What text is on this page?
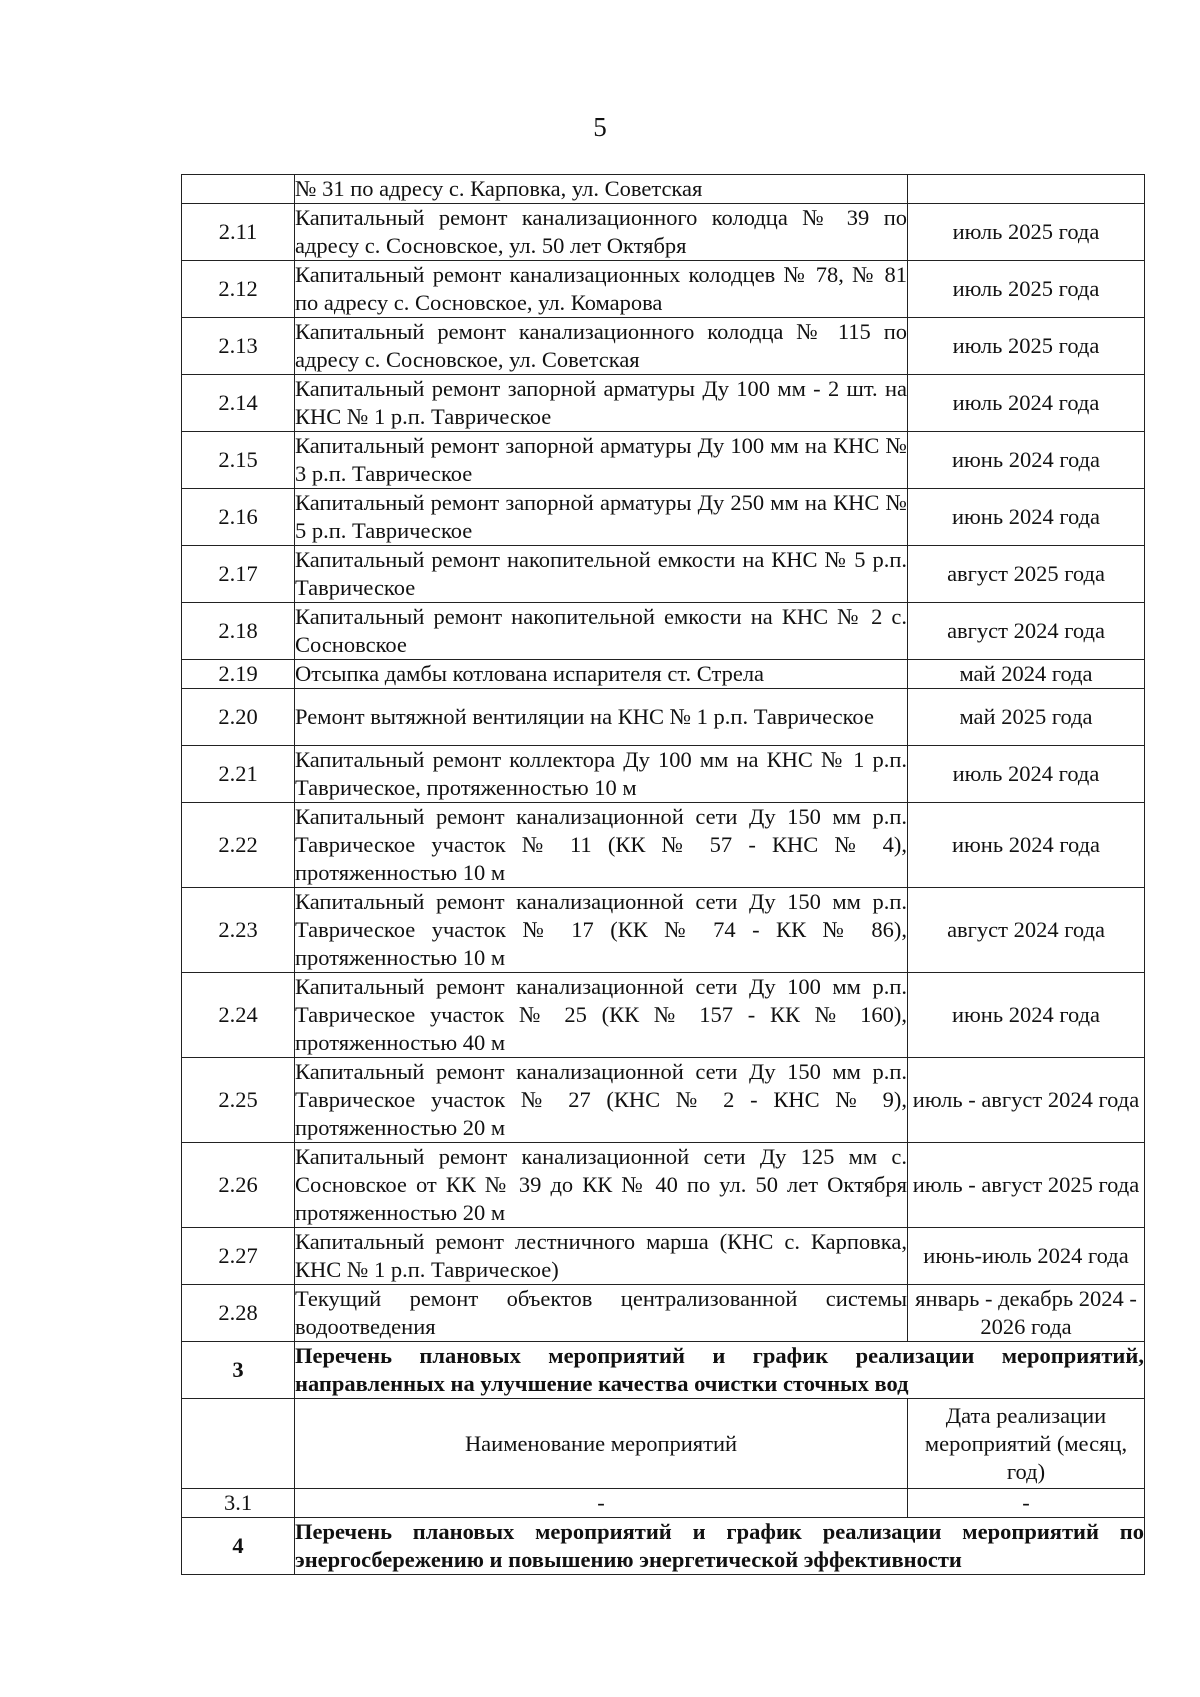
5
	№ 31 по адресу с. Карповка, ул. Советская	
2.11	Капитальный ремонт канализационного колодца № 39 по адресу с. Сосновское, ул. 50 лет Октября	июль 2025 года
2.12	Капитальный ремонт канализационных колодцев № 78, № 81 по адресу с. Сосновское, ул. Комарова	июль 2025 года
2.13	Капитальный ремонт канализационного колодца № 115 по адресу с. Сосновское, ул. Советская	июль 2025 года
2.14	Капитальный ремонт запорной арматуры Ду 100 мм - 2 шт. на КНС № 1 р.п. Таврическое	июль 2024 года
2.15	Капитальный ремонт запорной арматуры Ду 100 мм на КНС № 3 р.п. Таврическое	июнь 2024 года
2.16	Капитальный ремонт запорной арматуры Ду 250 мм на КНС № 5 р.п. Таврическое	июнь 2024 года
2.17	Капитальный ремонт накопительной емкости на КНС № 5 р.п. Таврическое	август 2025 года
2.18	Капитальный ремонт накопительной емкости на КНС № 2 с. Сосновское	август 2024 года
2.19	Отсыпка дамбы котлована испарителя ст. Стрела	май 2024 года
2.20	Ремонт вытяжной вентиляции на КНС № 1 р.п. Таврическое	май 2025 года
2.21	Капитальный ремонт коллектора Ду 100 мм на КНС № 1 р.п. Таврическое, протяженностью 10 м	июль 2024 года
2.22	Капитальный ремонт канализационной сети Ду 150 мм р.п. Таврическое участок № 11 (КК № 57 - КНС № 4), протяженностью 10 м	июнь 2024 года
2.23	Капитальный ремонт канализационной сети Ду 150 мм р.п. Таврическое участок № 17 (КК № 74 - КК № 86), протяженностью 10 м	август 2024 года
2.24	Капитальный ремонт канализационной сети Ду 100 мм р.п. Таврическое участок № 25 (КК № 157 - КК № 160), протяженностью 40 м	июнь 2024 года
2.25	Капитальный ремонт канализационной сети Ду 150 мм р.п. Таврическое участок № 27 (КНС № 2 - КНС № 9), протяженностью 20 м	июль - август 2024 года
2.26	Капитальный ремонт канализационной сети Ду 125 мм с. Сосновское от КК № 39 до КК № 40 по ул. 50 лет Октября протяженностью 20 м	июль - август 2025 года
2.27	Капитальный ремонт лестничного марша (КНС с. Карповка, КНС № 1 р.п. Таврическое)	июнь-июль 2024 года
2.28	Текущий ремонт объектов централизованной системы водоотведения	январь - декабрь 2024 - 2026 года
3	Перечень плановых мероприятий и график реализации мероприятий, направленных на улучшение качества очистки сточных вод	
	Наименование мероприятий	Дата реализации мероприятий (месяц, год)
3.1	-	-
4	Перечень плановых мероприятий и график реализации мероприятий по энергосбережению и повышению энергетической эффективности	
